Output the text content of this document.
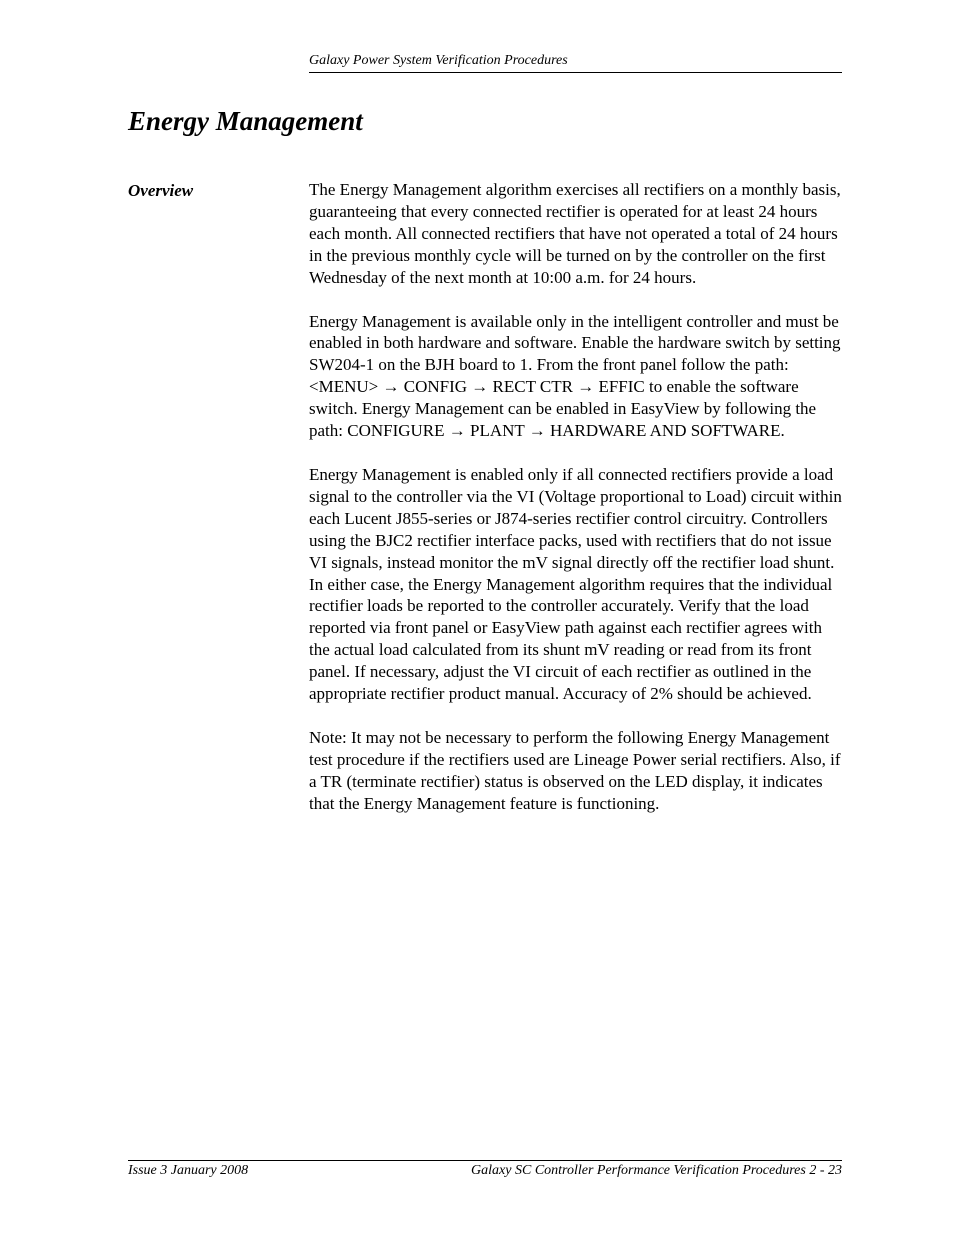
Galaxy Power System Verification Procedures
Energy Management
Overview	The Energy Management algorithm exercises all rectifiers on a monthly basis, guaranteeing that every connected rectifier is operated for at least 24 hours each month. All connected rectifiers that have not operated a total of 24 hours in the previous monthly cycle will be turned on by the controller on the first Wednesday of the next month at 10:00 a.m. for 24 hours.

Energy Management is available only in the intelligent controller and must be enabled in both hardware and software. Enable the hardware switch by setting SW204-1 on the BJH board to 1. From the front panel follow the path: <MENU> → CONFIG → RECT CTR → EFFIC to enable the software switch. Energy Management can be enabled in EasyView by following the path: CONFIGURE → PLANT → HARDWARE AND SOFTWARE.

Energy Management is enabled only if all connected rectifiers provide a load signal to the controller via the VI (Voltage proportional to Load) circuit within each Lucent J855-series or J874-series rectifier control circuitry. Controllers using the BJC2 rectifier interface packs, used with rectifiers that do not issue VI signals, instead monitor the mV signal directly off the rectifier load shunt. In either case, the Energy Management algorithm requires that the individual rectifier loads be reported to the controller accurately. Verify that the load reported via front panel or EasyView path against each rectifier agrees with the actual load calculated from its shunt mV reading or read from its front panel. If necessary, adjust the VI circuit of each rectifier as outlined in the appropriate rectifier product manual. Accuracy of 2% should be achieved.

Note: It may not be necessary to perform the following Energy Management test procedure if the rectifiers used are Lineage Power serial rectifiers. Also, if a TR (terminate rectifier) status is observed on the LED display, it indicates that the Energy Management feature is functioning.

Issue 3 January 2008	Galaxy SC Controller Performance Verification Procedures 2 - 23
